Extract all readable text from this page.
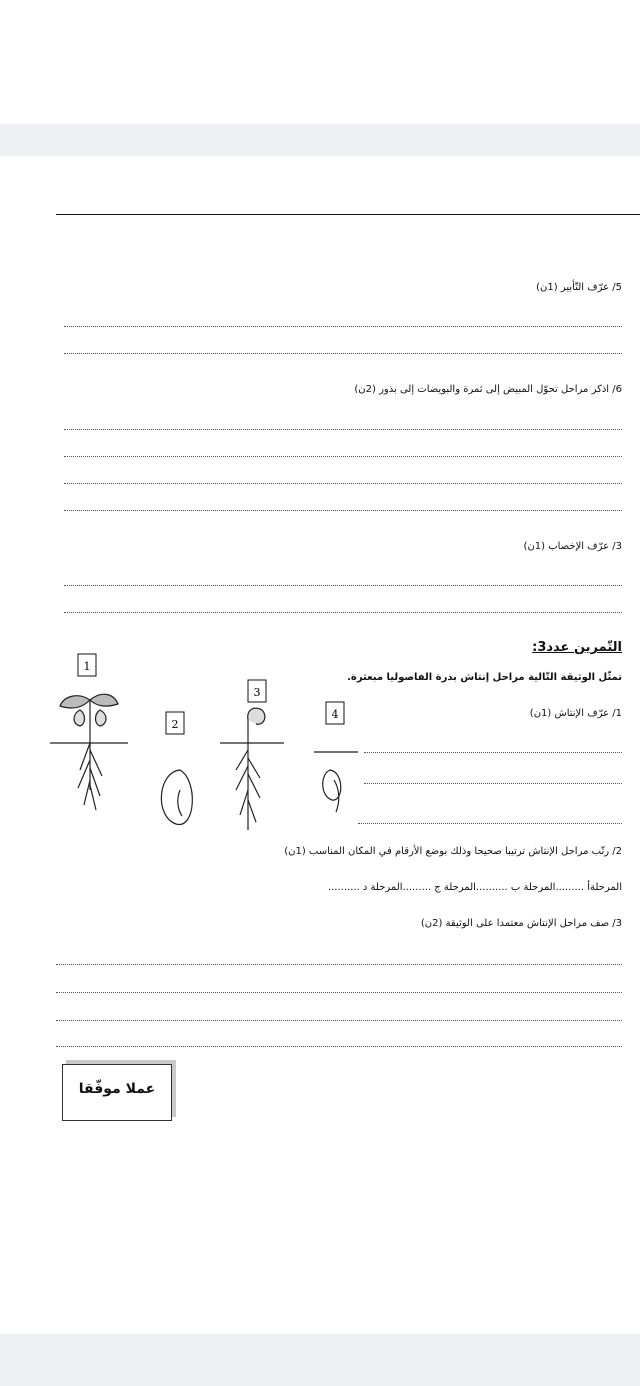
5/ عرّف التّأبير (1ن)
6/ اذكر مراحل تحوّل المبيض إلى ثمرة والبويضات إلى بذور (2ن)
3/ عرّف الإخصاب (1ن)
التّمرين عدد3:
تمثّل الوثيقة التّالية مراحل إنتاش بذرة الفاصوليا مبعثرة.
1/ عرّف الإنتاش (1ن)
1
2
3
4
2/ رتّب مراحل الإنتاش ترتيبا صحيحا وذلك بوضع الأرقام في المكان المناسب (1ن)
المرحلةأ .........المرحلة ب ..........المرحلة ج .........المرحلة د ..........
3/ صف مراحل الإنتاش معتمدا على الوثيقة (2ن)
عملا موفّقا
